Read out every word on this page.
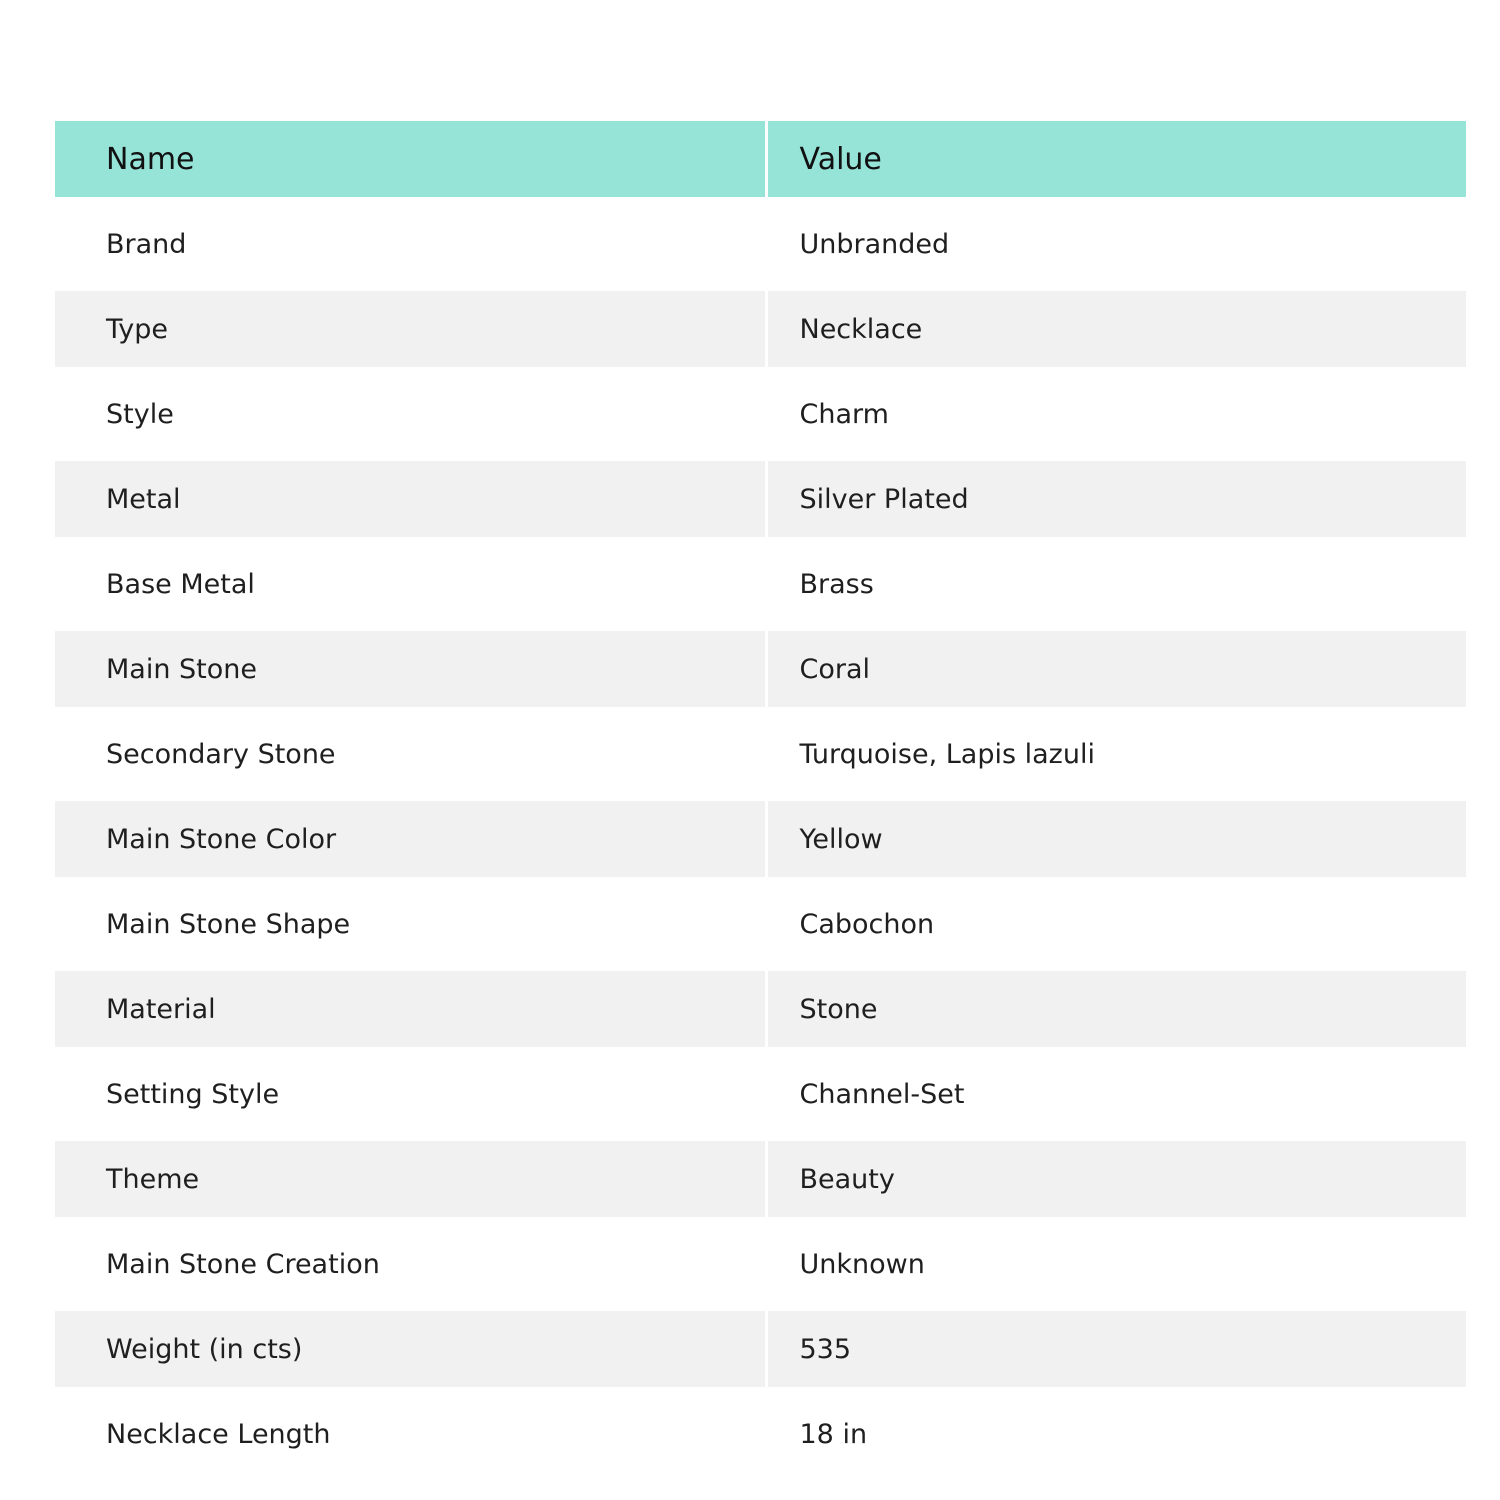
Name	Value
Brand	Unbranded
Type	Necklace
Style	Charm
Metal	Silver Plated
Base Metal	Brass
Main Stone	Coral
Secondary Stone	Turquoise, Lapis lazuli
Main Stone Color	Yellow
Main Stone Shape	Cabochon
Material	Stone
Setting Style	Channel-Set
Theme	Beauty
Main Stone Creation	Unknown
Weight (in cts)	535
Necklace Length	18 in
